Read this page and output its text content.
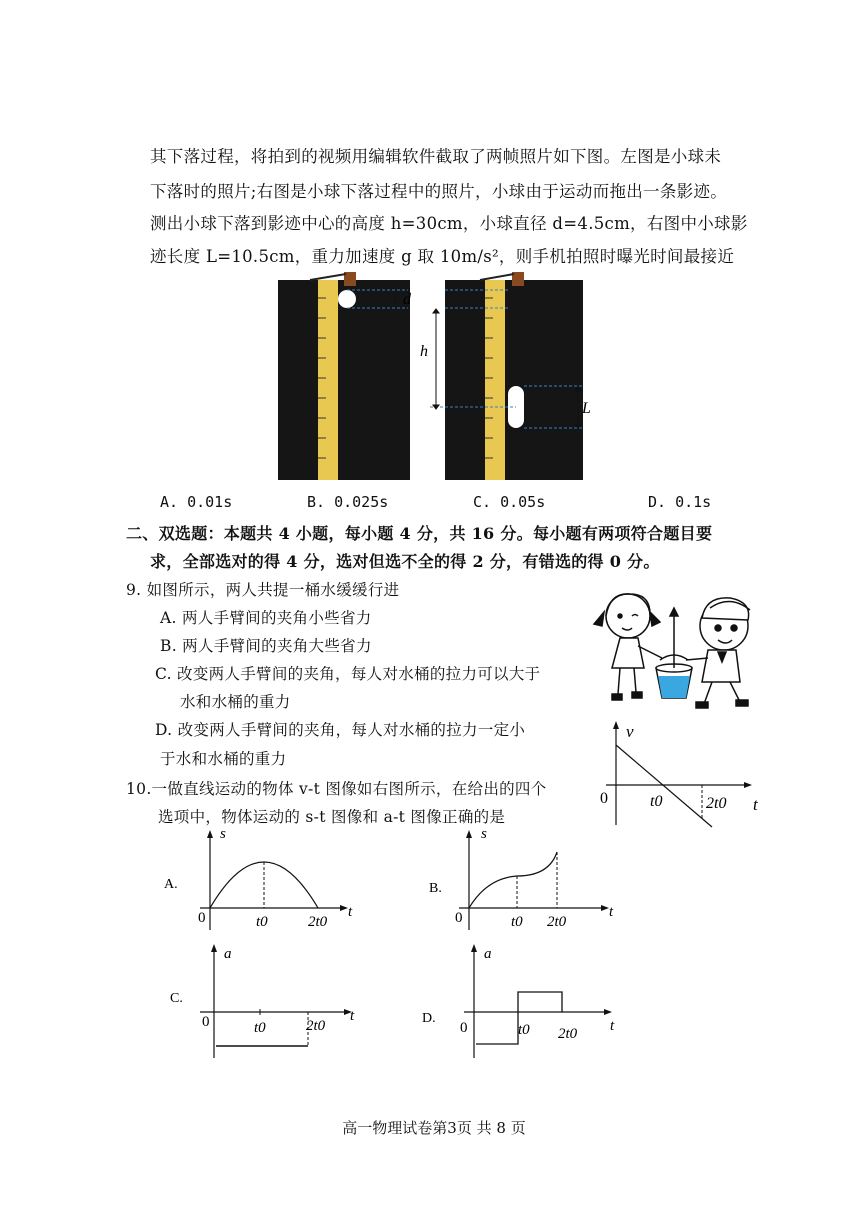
其下落过程，将拍到的视频用编辑软件截取了两帧照片如下图。左图是小球未
下落时的照片;右图是小球下落过程中的照片，小球由于运动而拖出一条影迹。
测出小球下落到影迹中心的高度 h=30cm，小球直径 d=4.5cm，右图中小球影
迹长度 L=10.5cm，重力加速度 g 取 10m/s²，则手机拍照时曝光时间最接近
d
h
L
A. 0.01s	B. 0.025s	C. 0.05s	D. 0.1s
二、双选题：本题共 4 小题，每小题 4 分，共 16 分。每小题有两项符合题目要
求，全部选对的得 4 分，选对但选不全的得 2 分，有错选的得 0 分。
9. 如图所示，两人共提一桶水缓缓行进
A. 两人手臂间的夹角小些省力
B. 两人手臂间的夹角大些省力
C. 改变两人手臂间的夹角，每人对水桶的拉力可以大于
水和水桶的重力
D. 改变两人手臂间的夹角，每人对水桶的拉力一定小
于水和水桶的重力
v
t
0	t0	2t0
10.一做直线运动的物体 v-t 图像如右图所示，在给出的四个
选项中，物体运动的 s-t 图像和 a-t 图像正确的是
A.
s
t
0	t0	2t0
B.
s
t
0	t0 2t0
C.
a
t
0	t0	2t0	D.
a
t
0	t0 2t0
高一物理试卷第3页 共 8 页
